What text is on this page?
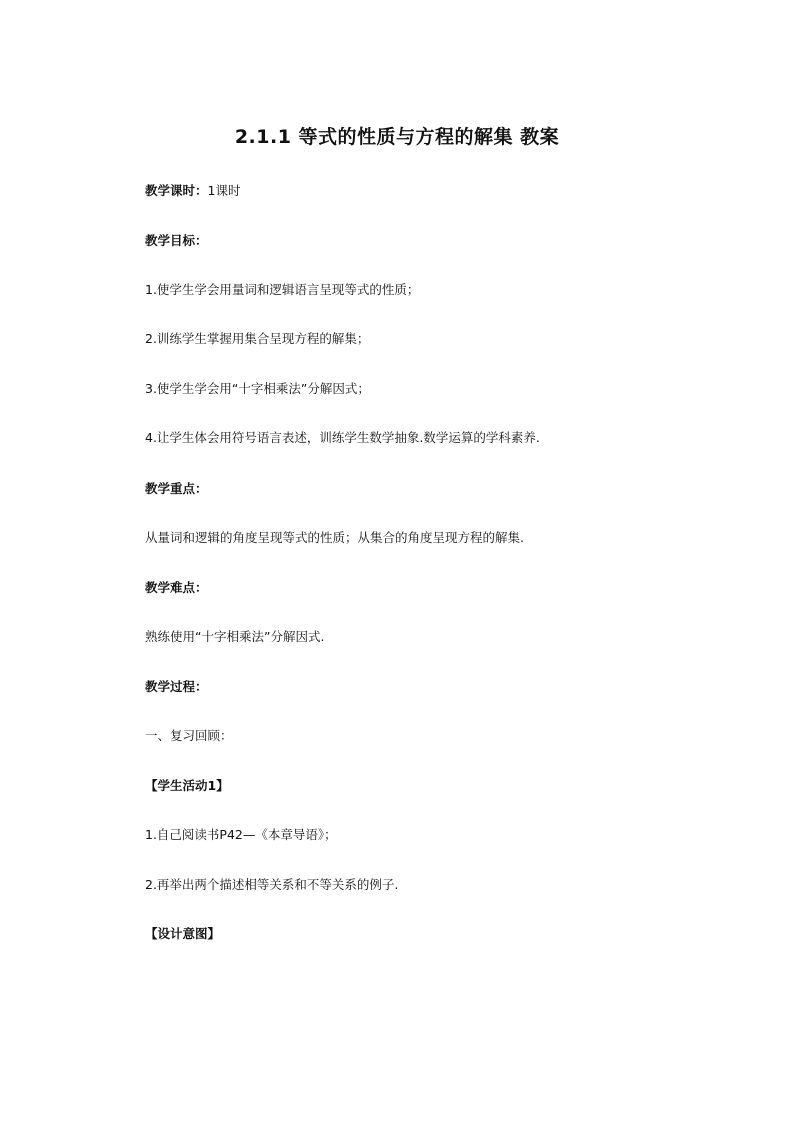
2.1.1 等式的性质与方程的解集 教案
教学课时：1课时
教学目标：
1.使学生学会用量词和逻辑语言呈现等式的性质；
2.训练学生掌握用集合呈现方程的解集；
3.使学生学会用“十字相乘法”分解因式；
4.让学生体会用符号语言表述，训练学生数学抽象.数学运算的学科素养.
教学重点：
从量词和逻辑的角度呈现等式的性质；从集合的角度呈现方程的解集.
教学难点：
熟练使用“十字相乘法”分解因式.
教学过程：
一、复习回顾：
【学生活动1】
1.自己阅读书P42—《本章导语》；
2.再举出两个描述相等关系和不等关系的例子.
【设计意图】
